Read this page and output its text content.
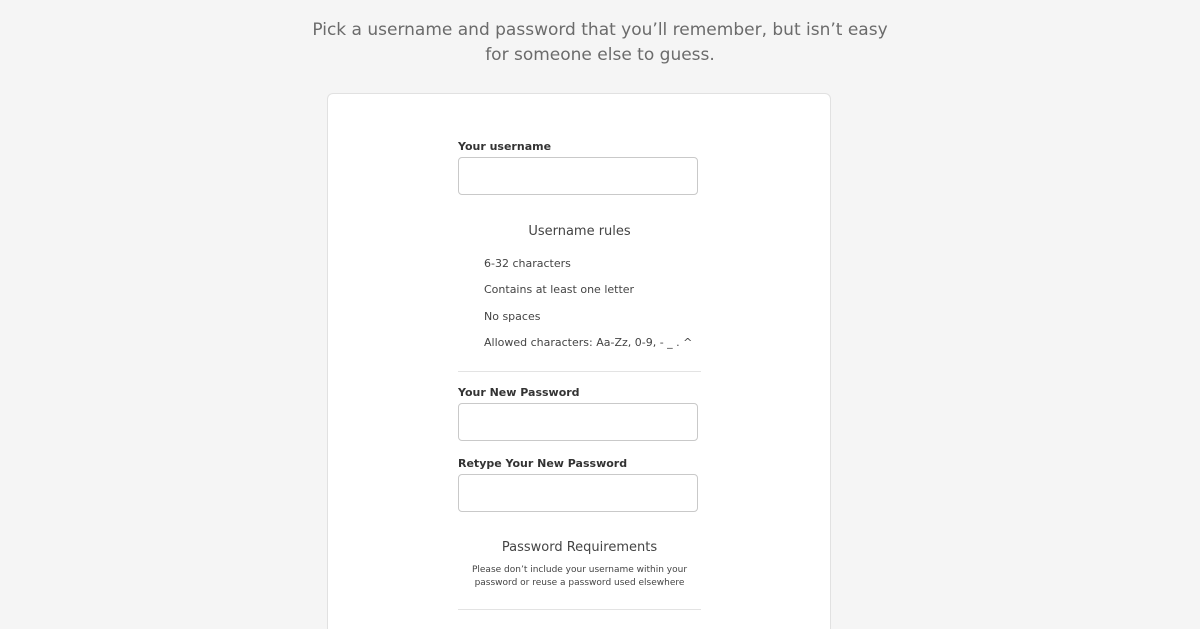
Pick a username and password that you’ll remember, but isn’t easy for someone else to guess.
Your username
Username rules
6-32 characters
Contains at least one letter
No spaces
Allowed characters: Aa-Zz, 0-9, - _ . ^
Your New Password
Retype Your New Password
Password Requirements
Please don’t include your username within your password or reuse a password used elsewhere
